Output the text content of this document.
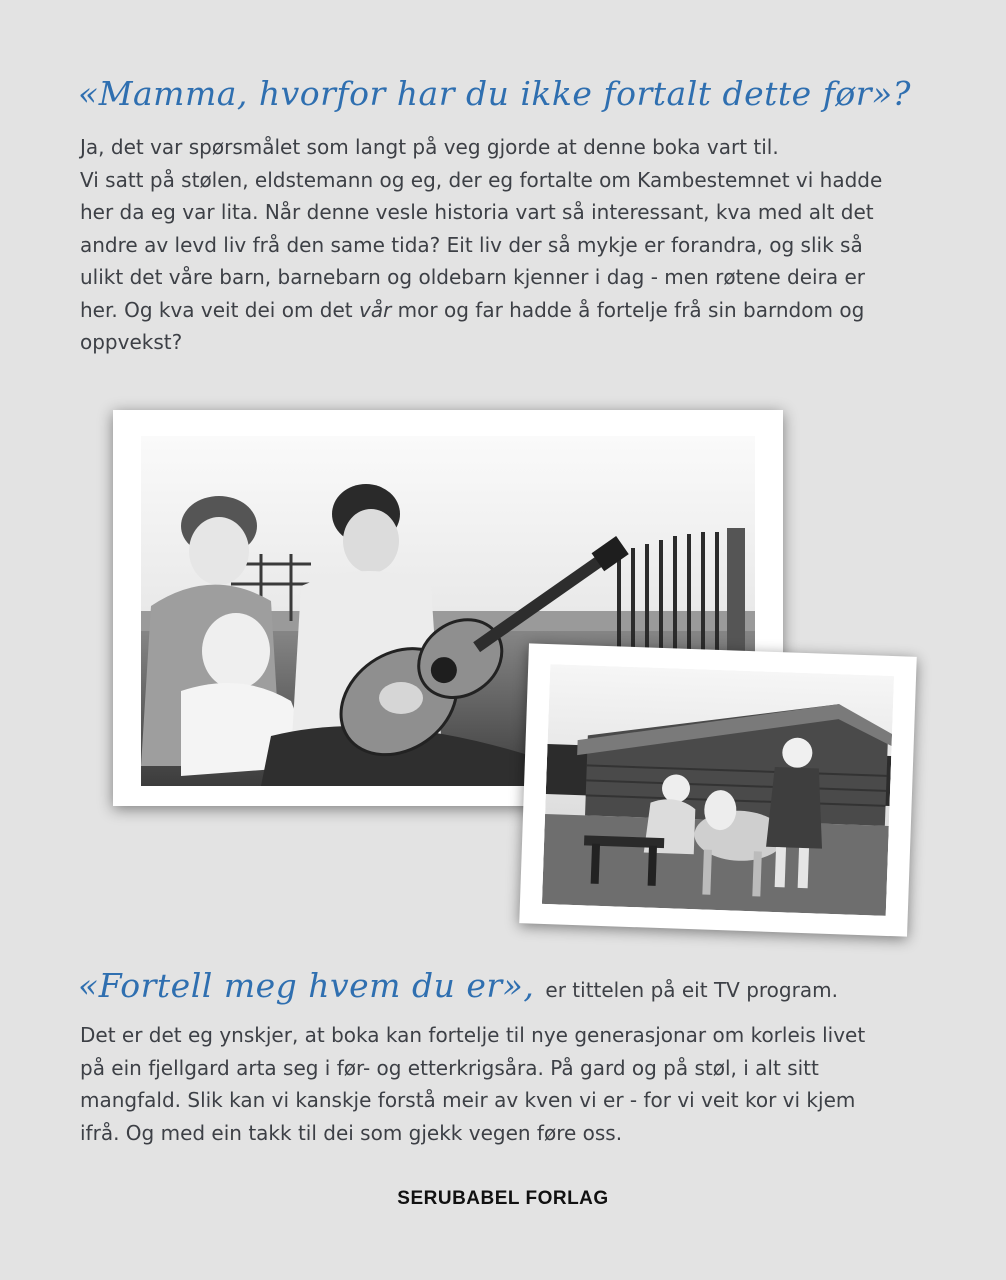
«Mamma, hvorfor har du ikke fortalt dette før»?

Ja, det var spørsmålet som langt på veg gjorde at denne boka vart til.
Vi satt på stølen, eldstemann og eg, der eg fortalte om Kambestemnet vi hadde
her da eg var lita. Når denne vesle historia vart så interessant, kva med alt det
andre av levd liv frå den same tida? Eit liv der så mykje er forandra, og slik så
ulikt det våre barn, barnebarn og oldebarn kjenner i dag - men røtene deira er
her. Og kva veit dei om det vår mor og far hadde å fortelje frå sin barndom og
oppvekst?

«Fortell meg hvem du er», er tittelen på eit TV program.

Det er det eg ynskjer, at boka kan fortelje til nye generasjonar om korleis livet
på ein fjellgard arta seg i før- og etterkrigsåra. På gard og på støl, i alt sitt
mangfald. Slik kan vi kanskje forstå meir av kven vi er - for vi veit kor vi kjem
ifrå. Og med ein takk til dei som gjekk vegen føre oss.

SERUBABEL FORLAG
